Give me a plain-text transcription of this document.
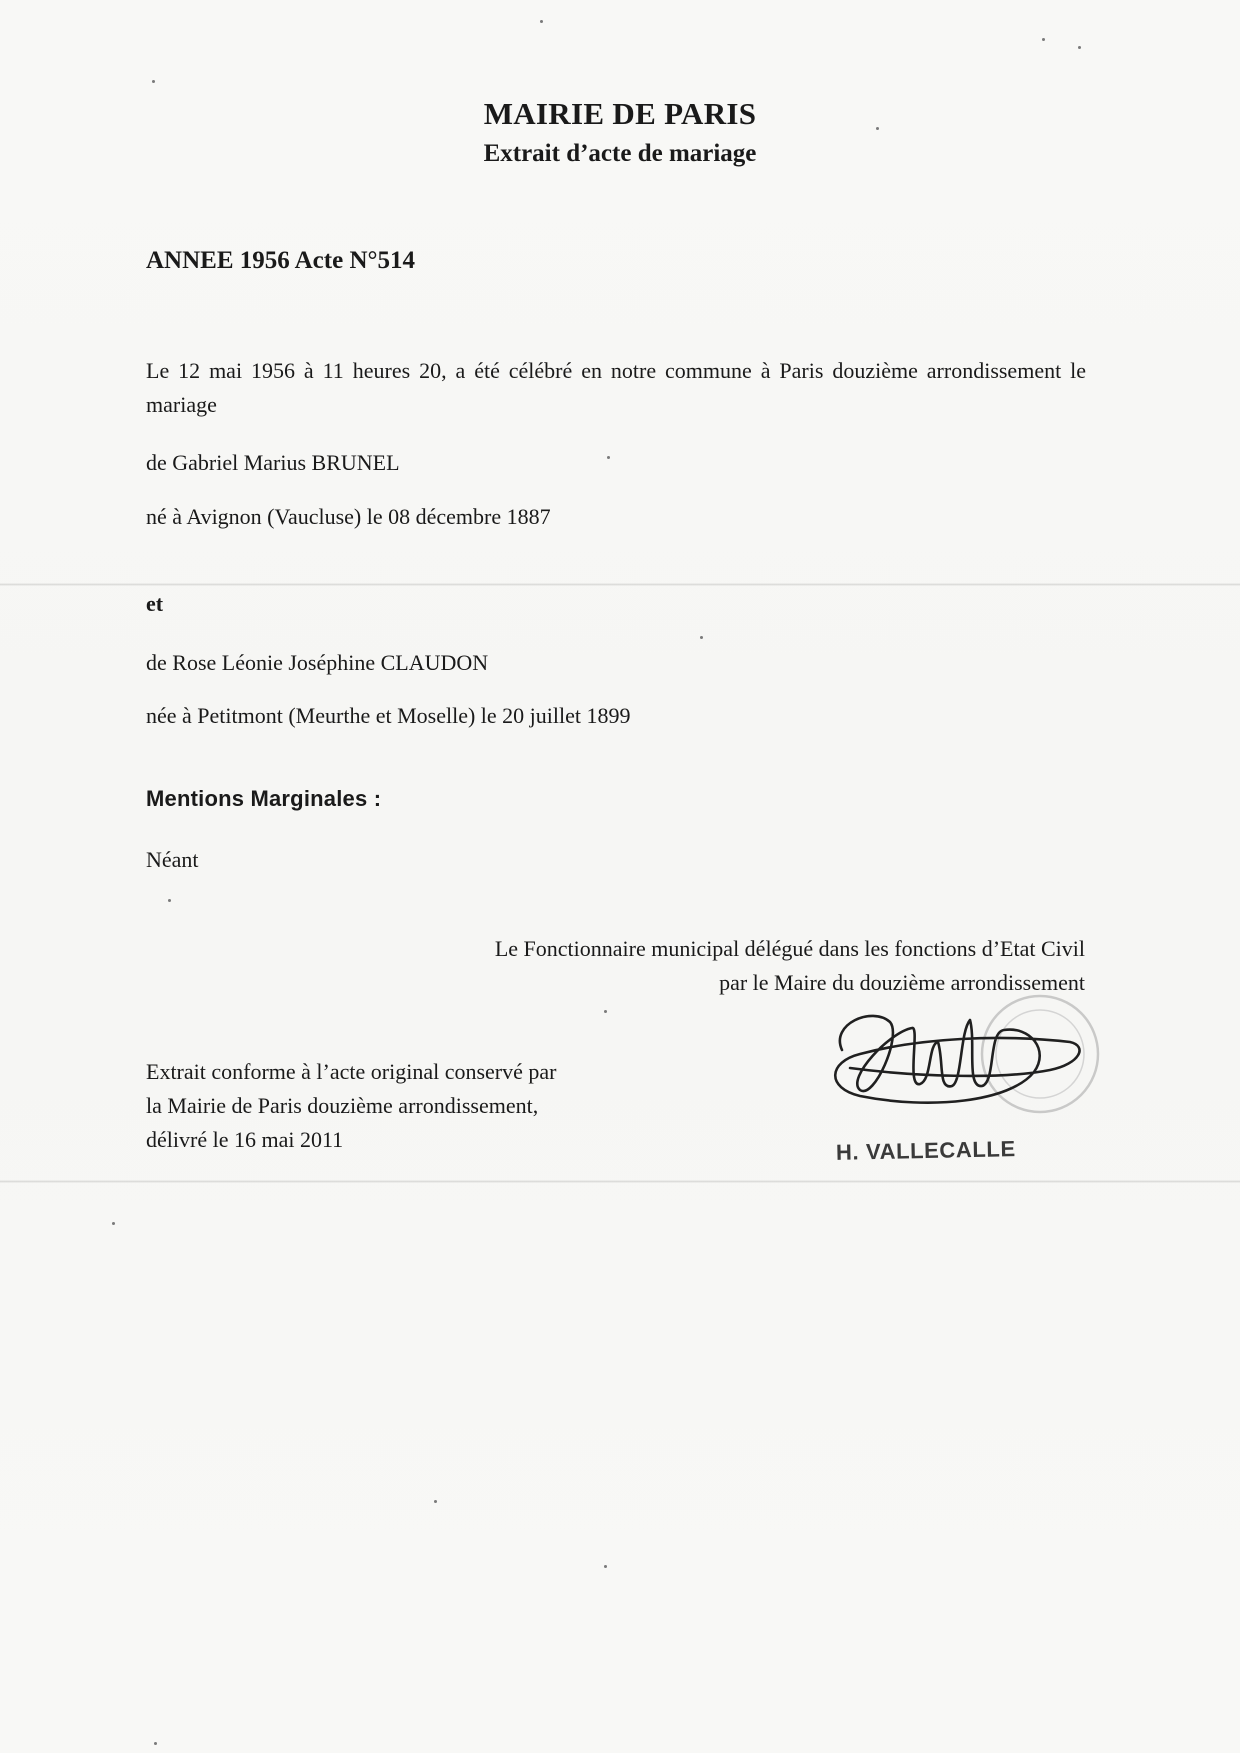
MAIRIE DE PARIS
Extrait d’acte de mariage
ANNEE 1956 Acte N°514
Le 12 mai 1956 à 11 heures 20, a été célébré en notre commune à Paris douzième arrondissement le mariage
de Gabriel Marius BRUNEL
né à Avignon (Vaucluse) le 08 décembre 1887
et
de Rose Léonie Joséphine CLAUDON
née à Petitmont (Meurthe et Moselle) le 20 juillet 1899
Mentions Marginales :
Néant
Le Fonctionnaire municipal délégué dans les fonctions d’Etat Civil
par le Maire du douzième arrondissement
Extrait conforme à l’acte original conservé par
la Mairie de Paris douzième arrondissement,
délivré le 16 mai 2011	H. VALLECALLE
